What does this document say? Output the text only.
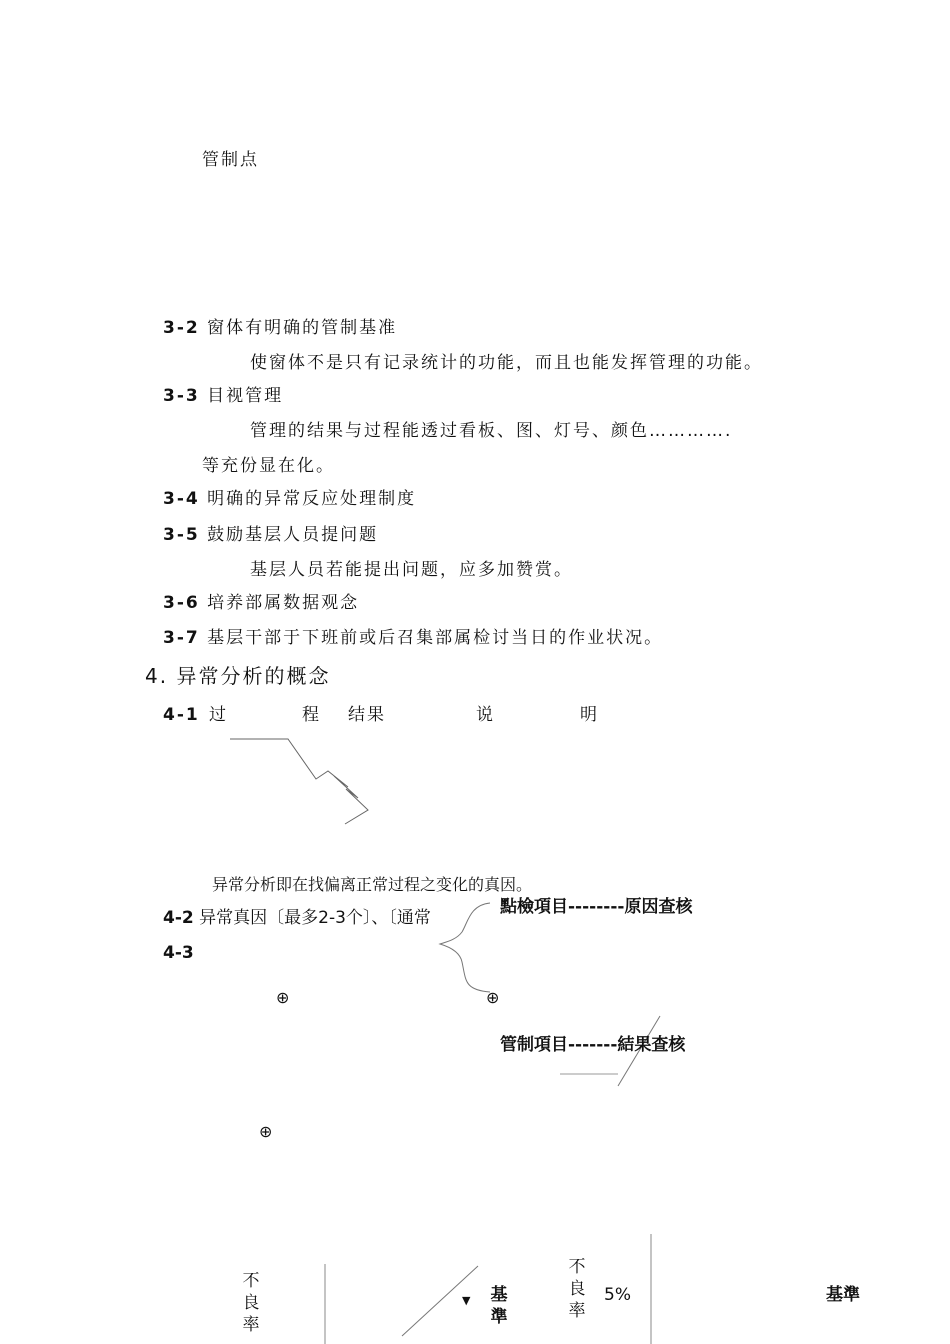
管制点
3-2 窗体有明确的管制基准
使窗体不是只有记录统计的功能，而且也能发挥管理的功能。
3-3 目视管理
管理的结果与过程能透过看板、图、灯号、颜色………….
等充份显在化。
3-4 明确的异常反应处理制度
3-5 鼓励基层人员提问题
基层人员若能提出问题，应多加赞赏。
3-6 培养部属数据观念
3-7 基层干部于下班前或后召集部属检讨当日的作业状况。
4. 异常分析的概念
4-1 过	程 结果	说	明
异常分析即在找偏离正常过程之变化的真因。
4-2 异常真因〔最多2-3个〕、〔通常
4-3
點檢項目--------原因查核
管制項目-------結果查核
⊕	⊕
⊕
不良率
▼ 基準
不良率
5%	基準
